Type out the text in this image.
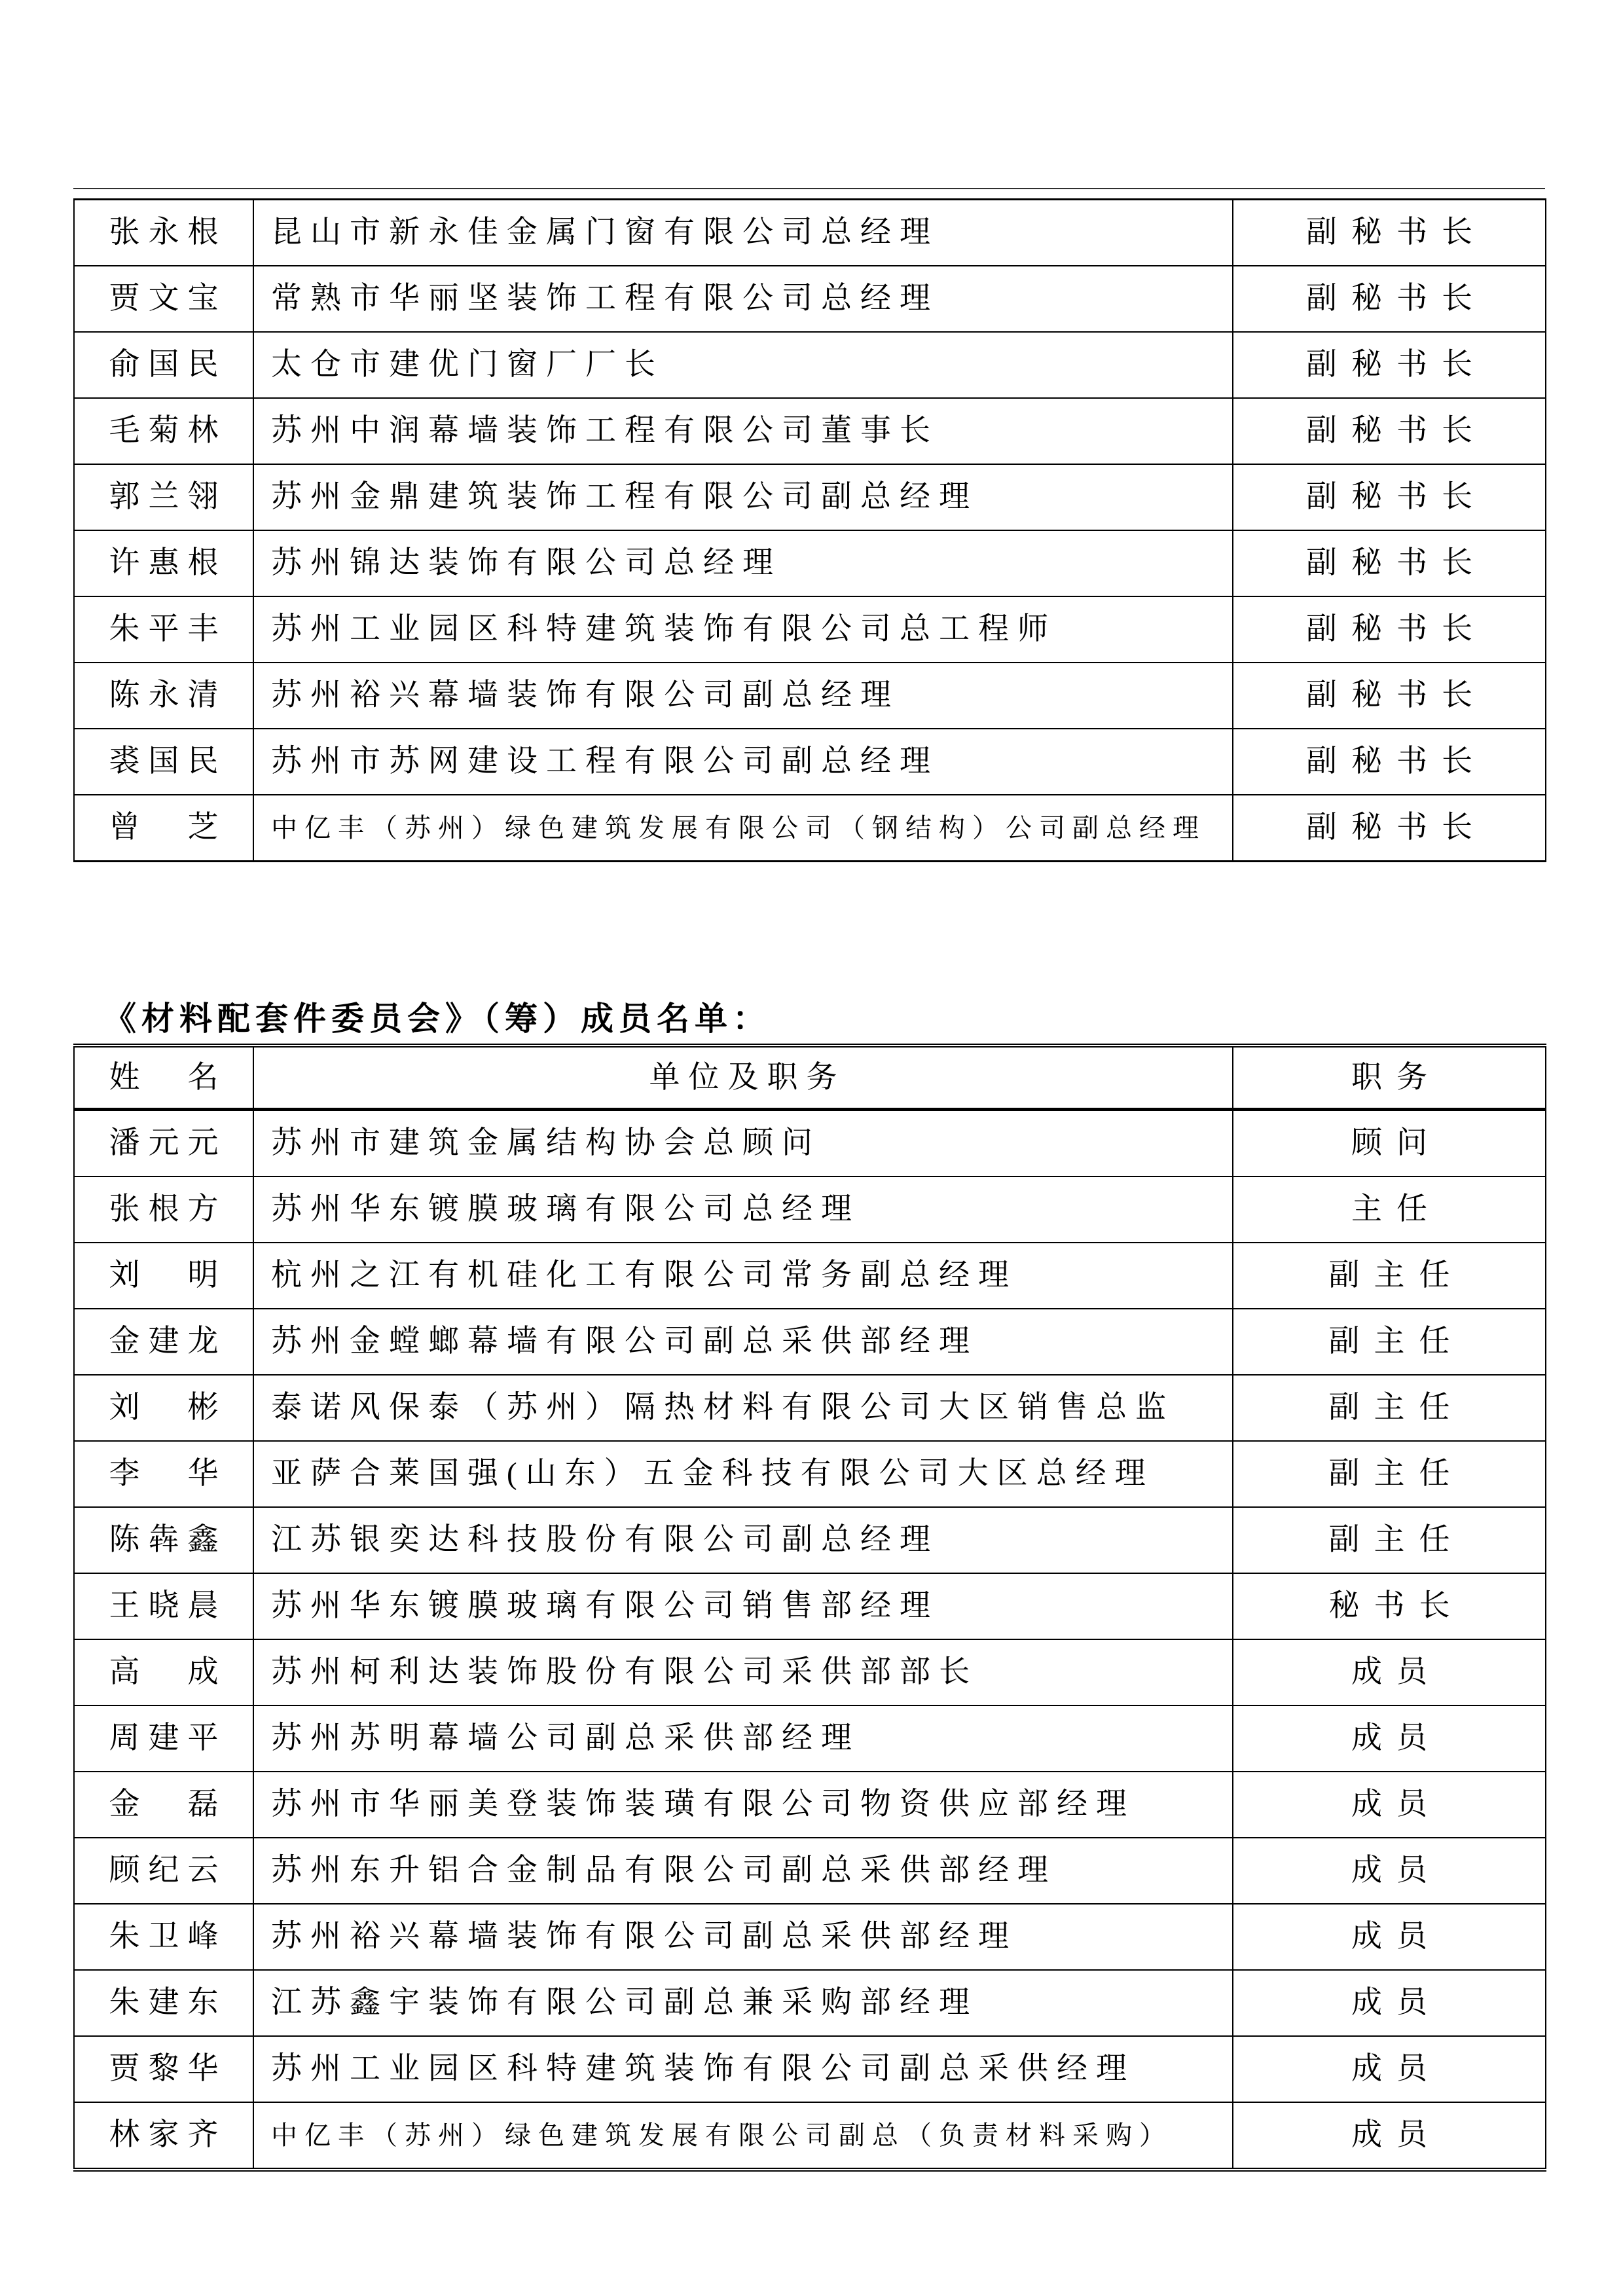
张永根	昆山市新永佳金属门窗有限公司总经理	副秘书长
贾文宝	常熟市华丽坚装饰工程有限公司总经理	副秘书长
俞国民	太仓市建优门窗厂厂长	副秘书长
毛菊林	苏州中润幕墙装饰工程有限公司董事长	副秘书长
郭兰翎	苏州金鼎建筑装饰工程有限公司副总经理	副秘书长
许惠根	苏州锦达装饰有限公司总经理	副秘书长
朱平丰	苏州工业园区科特建筑装饰有限公司总工程师	副秘书长
陈永清	苏州裕兴幕墙装饰有限公司副总经理	副秘书长
裘国民	苏州市苏网建设工程有限公司副总经理	副秘书长
曾　芝	中亿丰（苏州）绿色建筑发展有限公司（钢结构）公司副总经理	副秘书长
《材料配套件委员会》（筹）成员名单：
姓　名	单位及职务	职务
潘元元	苏州市建筑金属结构协会总顾问	顾问
张根方	苏州华东镀膜玻璃有限公司总经理	主任
刘　明	杭州之江有机硅化工有限公司常务副总经理	副主任
金建龙	苏州金螳螂幕墙有限公司副总采供部经理	副主任
刘　彬	泰诺风保泰（苏州）隔热材料有限公司大区销售总监	副主任
李　华	亚萨合莱国强(山东）五金科技有限公司大区总经理	副主任
陈犇鑫	江苏银奕达科技股份有限公司副总经理	副主任
王晓晨	苏州华东镀膜玻璃有限公司销售部经理	秘书长
高　成	苏州柯利达装饰股份有限公司采供部部长	成员
周建平	苏州苏明幕墙公司副总采供部经理	成员
金　磊	苏州市华丽美登装饰装璜有限公司物资供应部经理	成员
顾纪云	苏州东升铝合金制品有限公司副总采供部经理	成员
朱卫峰	苏州裕兴幕墙装饰有限公司副总采供部经理	成员
朱建东	江苏鑫宇装饰有限公司副总兼采购部经理	成员
贾黎华	苏州工业园区科特建筑装饰有限公司副总采供经理	成员
林家齐	中亿丰（苏州）绿色建筑发展有限公司副总（负责材料采购）	成员
